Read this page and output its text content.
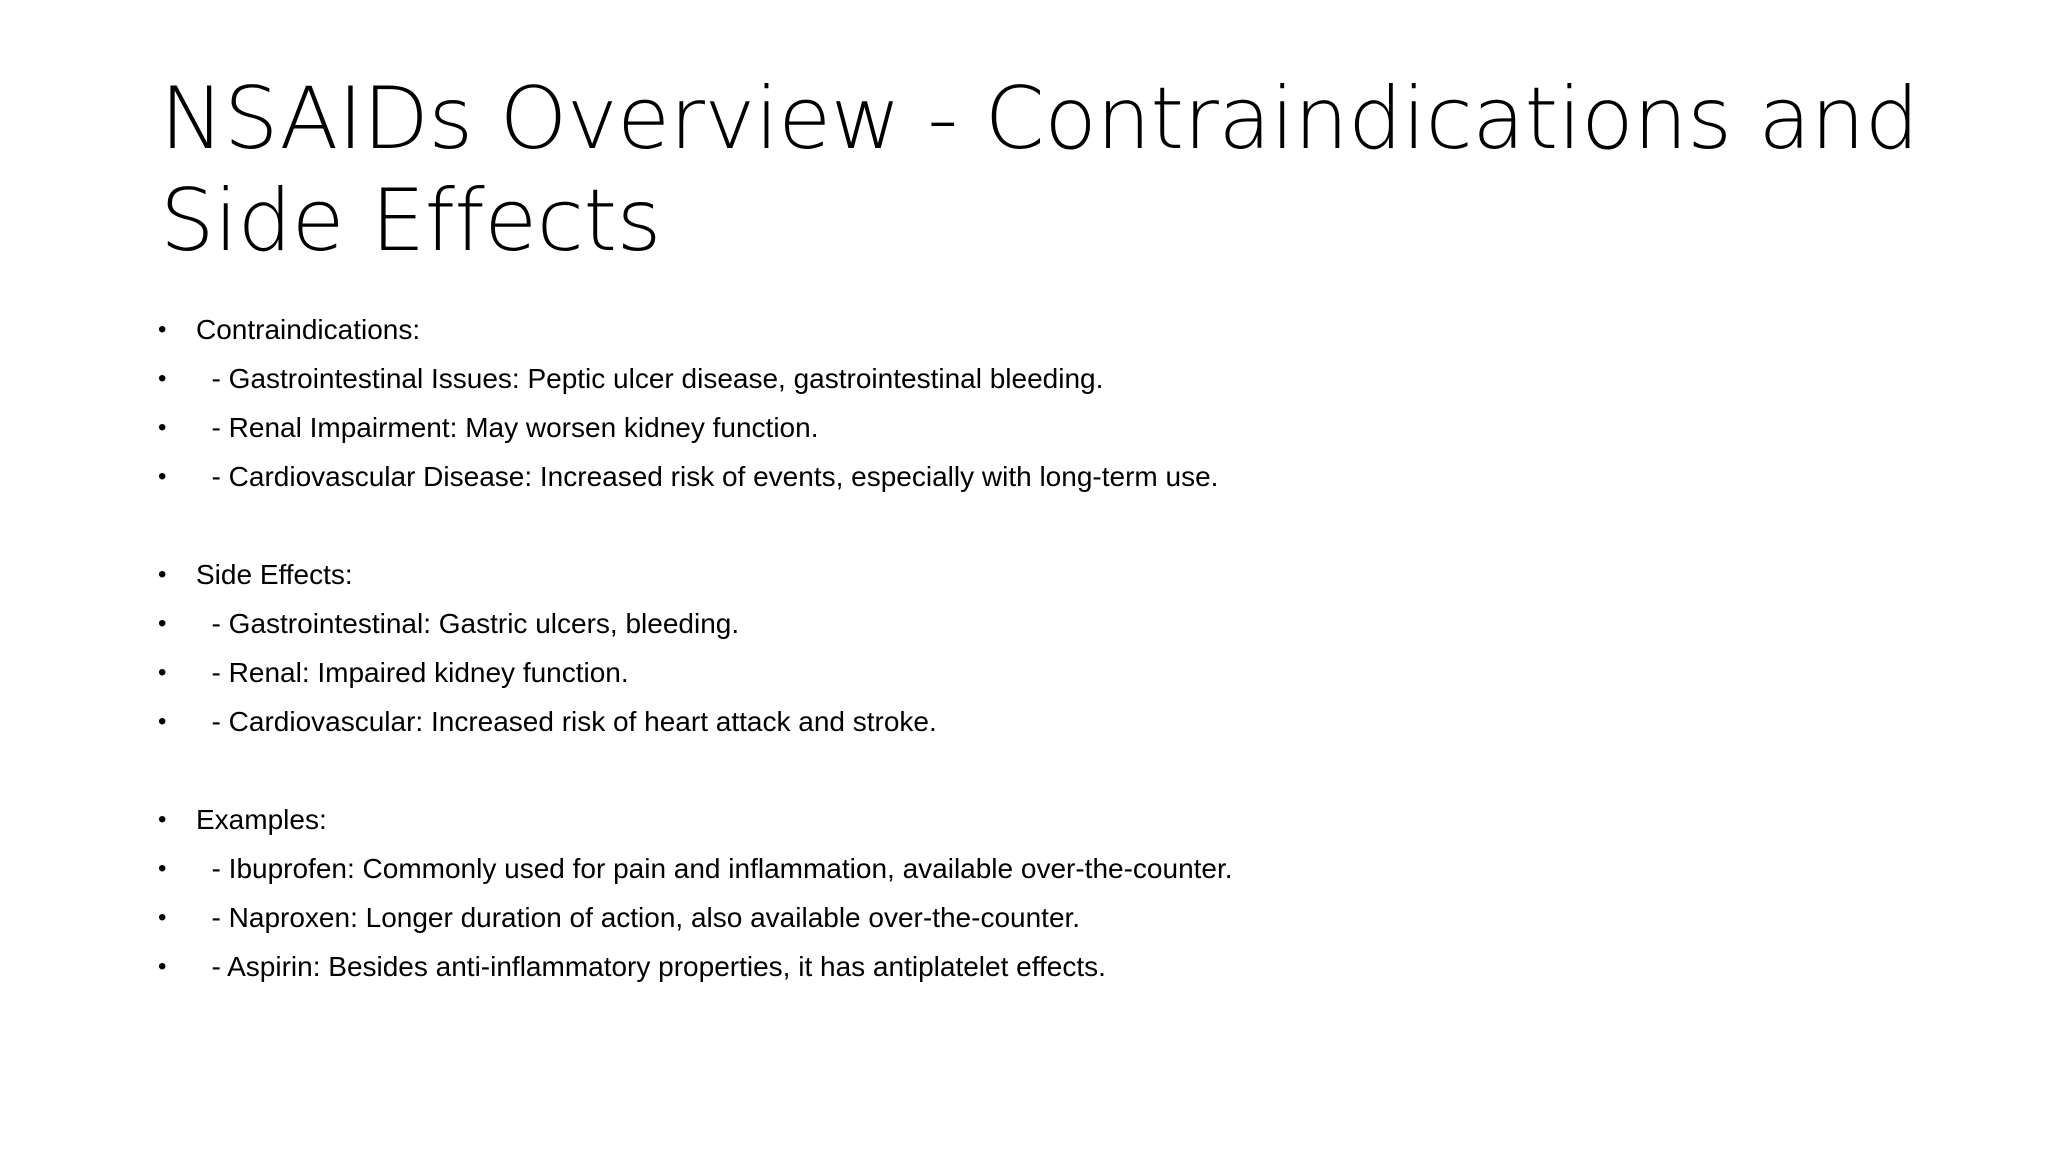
NSAIDs Overview - Contraindications and Side Effects
•	Contraindications:
•	- Gastrointestinal Issues: Peptic ulcer disease, gastrointestinal bleeding.
•	- Renal Impairment: May worsen kidney function.
•	- Cardiovascular Disease: Increased risk of events, especially with long-term use.
•	Side Effects:
•	- Gastrointestinal: Gastric ulcers, bleeding.
•	- Renal: Impaired kidney function.
•	- Cardiovascular: Increased risk of heart attack and stroke.
•	Examples:
•	- Ibuprofen: Commonly used for pain and inflammation, available over-the-counter.
•	- Naproxen: Longer duration of action, also available over-the-counter.
•	- Aspirin: Besides anti-inflammatory properties, it has antiplatelet effects.
